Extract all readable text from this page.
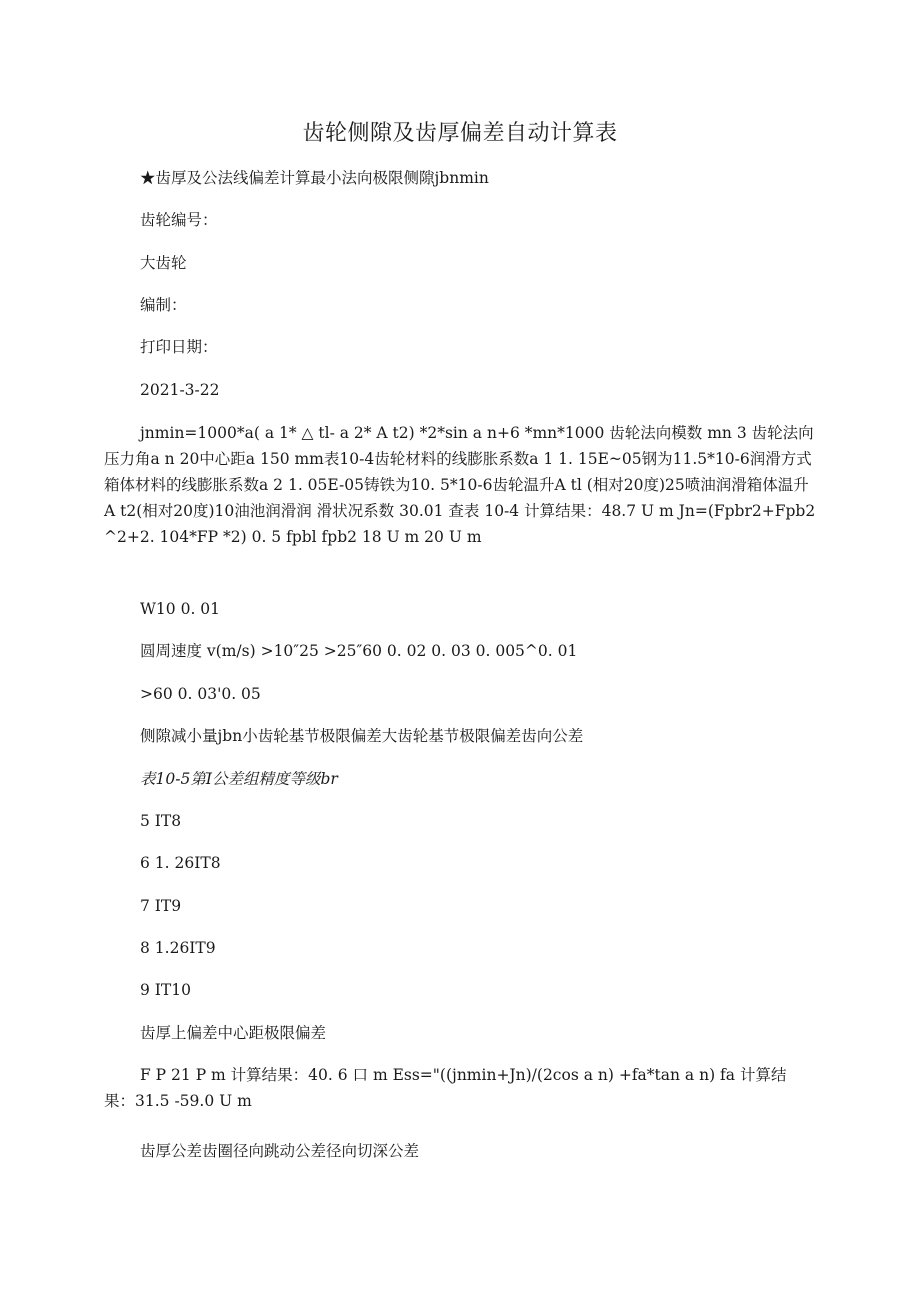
齿轮侧隙及齿厚偏差自动计算表
★齿厚及公法线偏差计算最小法向极限侧隙jbnmin
齿轮编号：
大齿轮
编制：
打印日期：
2021-3-22
jnmin=1000*a( a 1* △ tl- a 2* A t2) *2*sin a n+6 *mn*1000 齿轮法向模数 mn 3 齿轮法向压力角a n 20中心距a 150 mm表10-4齿轮材料的线膨胀系数a 1 1. 15E~05钢为11.5*10-6润滑方式 箱体材料的线膨胀系数a 2 1. 05E-05铸铁为10. 5*10-6齿轮温升A tl (相对20度)25喷油润滑箱体温升A t2(相对20度)10油池润滑润 滑状况系数 30.01 查表 10-4 计算结果：48.7 U m Jn=(Fpbr2+Fpb2^2+2. 104*FP *2) 0. 5 fpbl fpb2 18 U m 20 U m
W10 0. 01
圆周速度 v(m/s) >10″25 >25″60 0. 02 0. 03 0. 005^0. 01
>60 0. 03'0. 05
侧隙减小量jbn小齿轮基节极限偏差大齿轮基节极限偏差齿向公差
表10-5第I公差组精度等级br
5 IT8
6 1. 26IT8
7 IT9
8 1.26IT9
9 IT10
齿厚上偏差中心距极限偏差
F P 21 P m 计算结果：40. 6 口 m Ess="((jnmin+Jn)/(2cos a n) +fa*tan a n) fa 计算结果：31.5 -59.0 U m
齿厚公差齿圈径向跳动公差径向切深公差
